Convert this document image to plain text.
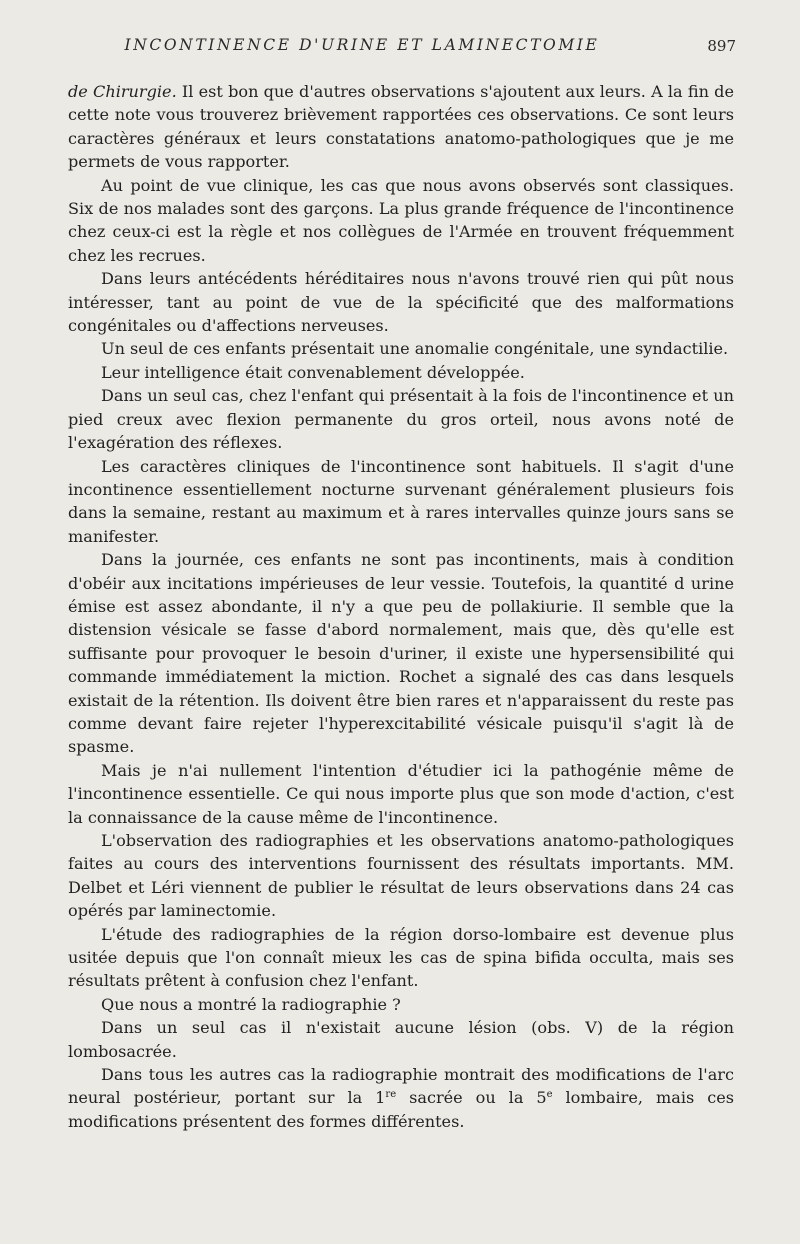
INCONTINENCE D'URINE ET LAMINECTOMIE	897

de Chirurgie. Il est bon que d'autres observations s'ajoutent aux leurs. A la fin de cette note vous trouverez brièvement rapportées ces observations. Ce sont leurs caractères généraux et leurs constatations anatomo-pathologiques que je me permets de vous rapporter.

Au point de vue clinique, les cas que nous avons observés sont classiques. Six de nos malades sont des garçons. La plus grande fréquence de l'incontinence chez ceux-ci est la règle et nos collègues de l'Armée en trouvent fréquemment chez les recrues.

Dans leurs antécédents héréditaires nous n'avons trouvé rien qui pût nous intéresser, tant au point de vue de la spécificité que des malformations congénitales ou d'affections nerveuses.

Un seul de ces enfants présentait une anomalie congénitale, une syndactilie.

Leur intelligence était convenablement développée.

Dans un seul cas, chez l'enfant qui présentait à la fois de l'incontinence et un pied creux avec flexion permanente du gros orteil, nous avons noté de l'exagération des réflexes.

Les caractères cliniques de l'incontinence sont habituels. Il s'agit d'une incontinence essentiellement nocturne survenant généralement plusieurs fois dans la semaine, restant au maximum et à rares intervalles quinze jours sans se manifester.

Dans la journée, ces enfants ne sont pas incontinents, mais à condition d'obéir aux incitations impérieuses de leur vessie. Toutefois, la quantité d urine émise est assez abondante, il n'y a que peu de pollakiurie. Il semble que la distension vésicale se fasse d'abord normalement, mais que, dès qu'elle est suffisante pour provoquer le besoin d'uriner, il existe une hypersensibilité qui commande immédiatement la miction. Rochet a signalé des cas dans lesquels existait de la rétention. Ils doivent être bien rares et n'apparaissent du reste pas comme devant faire rejeter l'hyperexcitabilité vésicale puisqu'il s'agit là de spasme.

Mais je n'ai nullement l'intention d'étudier ici la pathogénie même de l'incontinence essentielle. Ce qui nous importe plus que son mode d'action, c'est la connaissance de la cause même de l'incontinence.

L'observation des radiographies et les observations anatomo-pathologiques faites au cours des interventions fournissent des résultats importants. MM. Delbet et Léri viennent de publier le résultat de leurs observations dans 24 cas opérés par laminectomie.

L'étude des radiographies de la région dorso-lombaire est devenue plus usitée depuis que l'on connaît mieux les cas de spina bifida occulta, mais ses résultats prêtent à confusion chez l'enfant.

Que nous a montré la radiographie ?

Dans un seul cas il n'existait aucune lésion (obs. V) de la région lombosacrée.

Dans tous les autres cas la radiographie montrait des modifications de l'arc neural postérieur, portant sur la 1re sacrée ou la 5e lombaire, mais ces modifications présentent des formes différentes.
